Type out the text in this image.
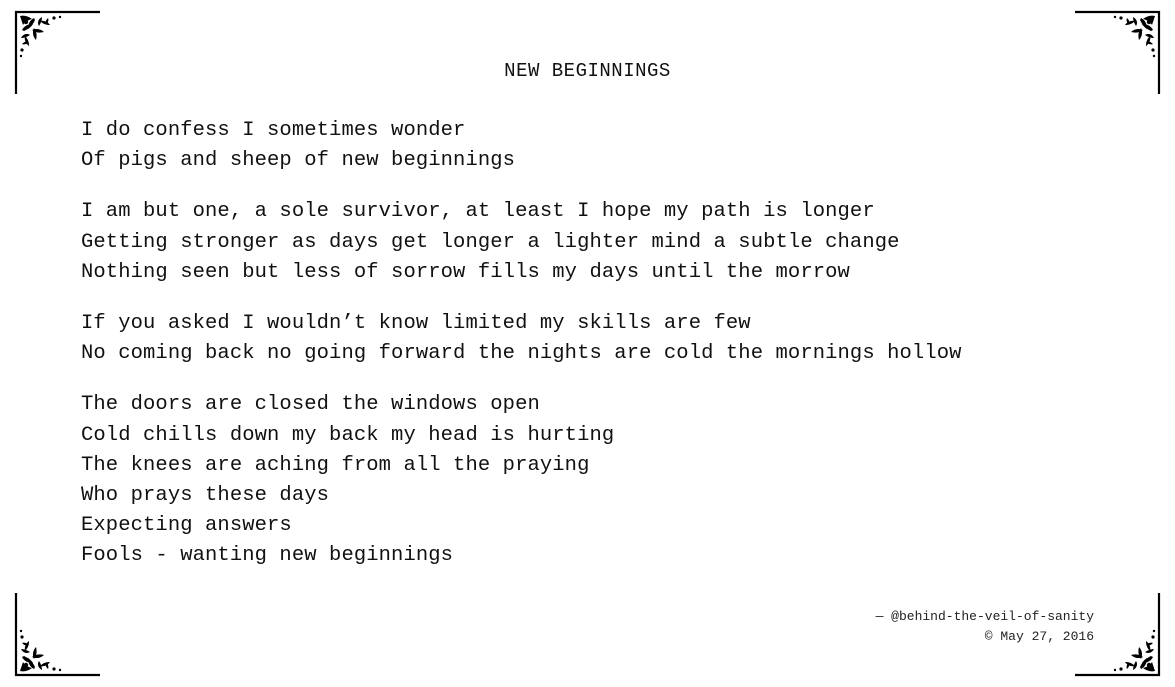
NEW BEGINNINGS
I do confess I sometimes wonder
Of pigs and sheep of new beginnings
I am but one, a sole survivor, at least I hope my path is longer
Getting stronger as days get longer a lighter mind a subtle change
Nothing seen but less of sorrow fills my days until the morrow
If you asked I wouldn’t know limited my skills are few
No coming back no going forward the nights are cold the mornings hollow
The doors are closed the windows open
Cold chills down my back my head is hurting
The knees are aching from all the praying
Who prays these days
Expecting answers
Fools - wanting new beginnings
— @behind-the-veil-of-sanity
© May 27, 2016
